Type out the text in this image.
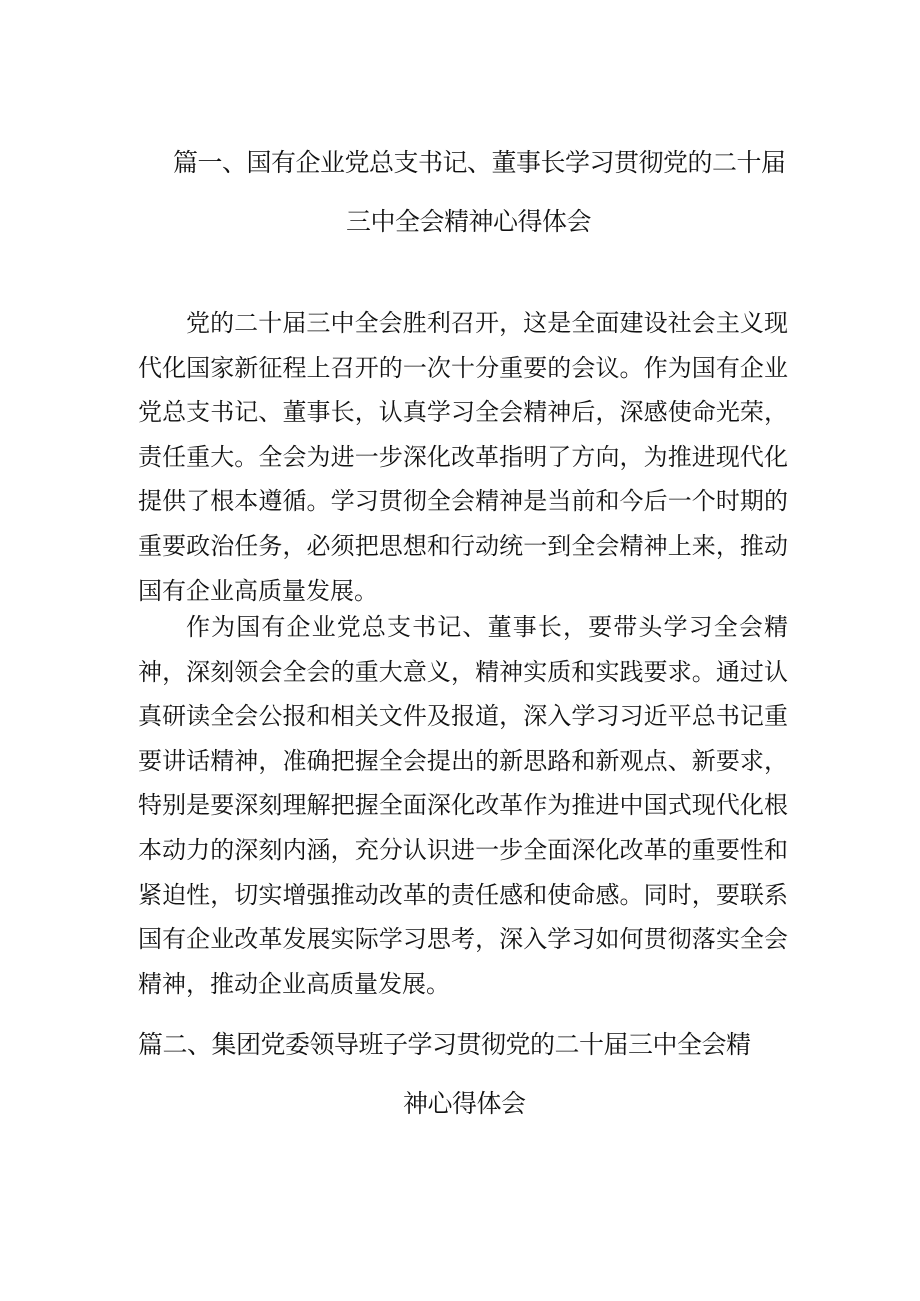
篇一、国有企业党总支书记、董事长学习贯彻党的二十届
三中全会精神心得体会

党的二十届三中全会胜利召开，这是全面建设社会主义现代化国家新征程上召开的一次十分重要的会议。作为国有企业党总支书记、董事长，认真学习全会精神后，深感使命光荣，责任重大。全会为进一步深化改革指明了方向，为推进现代化提供了根本遵循。学习贯彻全会精神是当前和今后一个时期的重要政治任务，必须把思想和行动统一到全会精神上来，推动国有企业高质量发展。

作为国有企业党总支书记、董事长，要带头学习全会精神，深刻领会全会的重大意义，精神实质和实践要求。通过认真研读全会公报和相关文件及报道，深入学习习近平总书记重要讲话精神，准确把握全会提出的新思路和新观点、新要求，特别是要深刻理解把握全面深化改革作为推进中国式现代化根本动力的深刻内涵，充分认识进一步全面深化改革的重要性和紧迫性，切实增强推动改革的责任感和使命感。同时，要联系国有企业改革发展实际学习思考，深入学习如何贯彻落实全会精神，推动企业高质量发展。

篇二、集团党委领导班子学习贯彻党的二十届三中全会精
神心得体会
